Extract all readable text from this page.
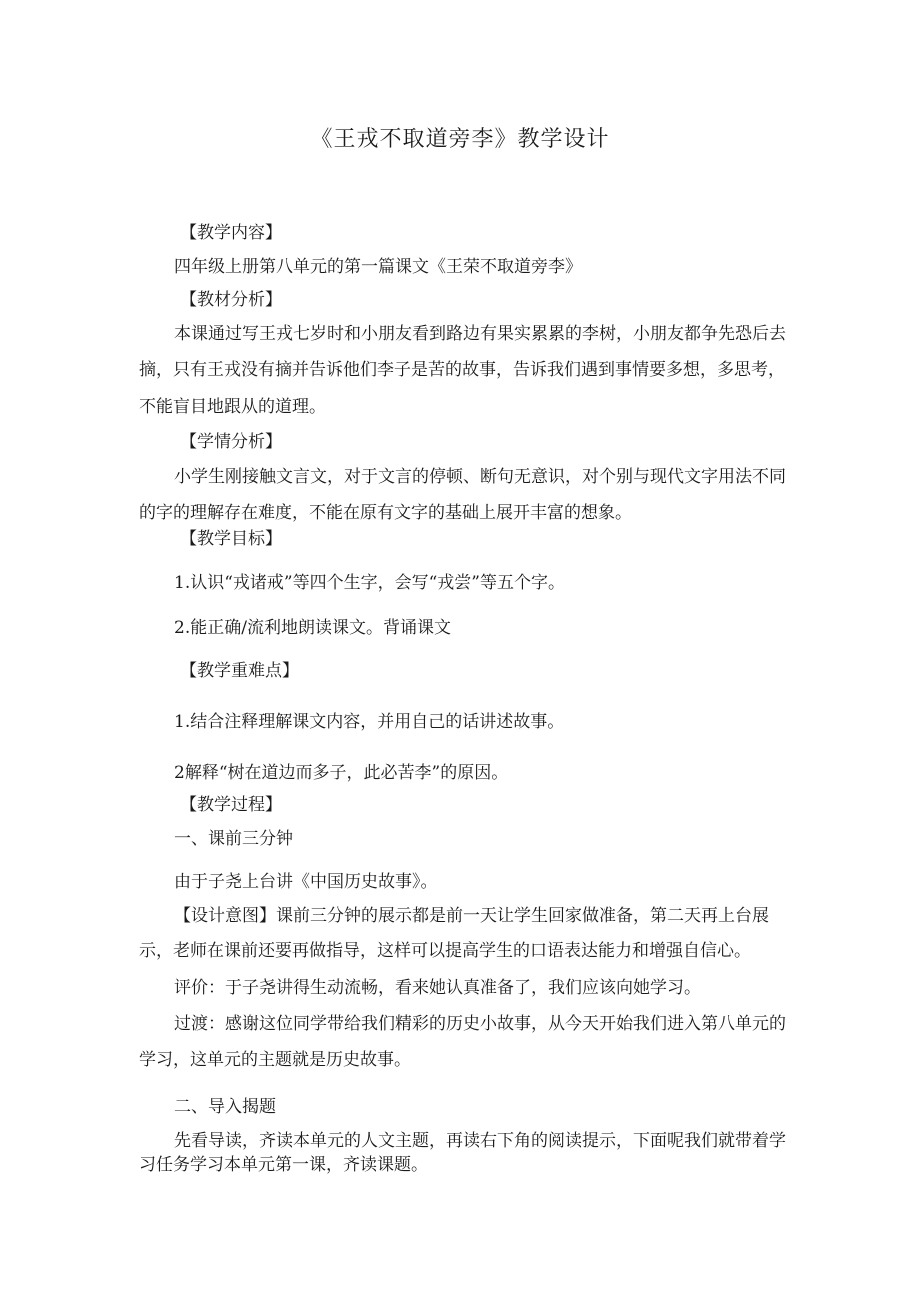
《王戎不取道旁李》教学设计
【教学内容】
四年级上册第八单元的第一篇课文《王荣不取道旁李》
【教材分析】
本课通过写王戎七岁时和小朋友看到路边有果实累累的李树，小朋友都争先恐后去
摘，只有王戎没有摘并告诉他们李子是苦的故事，告诉我们遇到事情要多想，多思考，
不能盲目地跟从的道理。
【学情分析】
小学生刚接触文言文，对于文言的停顿、断句无意识，对个别与现代文字用法不同
的字的理解存在难度，不能在原有文字的基础上展开丰富的想象。
【教学目标】
1.认识“戎诸戒”等四个生字，会写“戎尝”等五个字。
2.能正确/流利地朗读课文。背诵课文
【教学重难点】
1.结合注释理解课文内容，并用自己的话讲述故事。
2解释“树在道边而多子，此必苦李”的原因。
【教学过程】
一、课前三分钟
由于子尧上台讲《中国历史故事》。
【设计意图】课前三分钟的展示都是前一天让学生回家做准备，第二天再上台展
示，老师在课前还要再做指导，这样可以提高学生的口语表达能力和增强自信心。
评价：于子尧讲得生动流畅，看来她认真准备了，我们应该向她学习。
过渡：感谢这位同学带给我们精彩的历史小故事，从今天开始我们进入第八单元的
学习，这单元的主题就是历史故事。
二、导入揭题
先看导读，齐读本单元的人文主题，再读右下角的阅读提示，下面呢我们就带着学
习任务学习本单元第一课，齐读课题。
